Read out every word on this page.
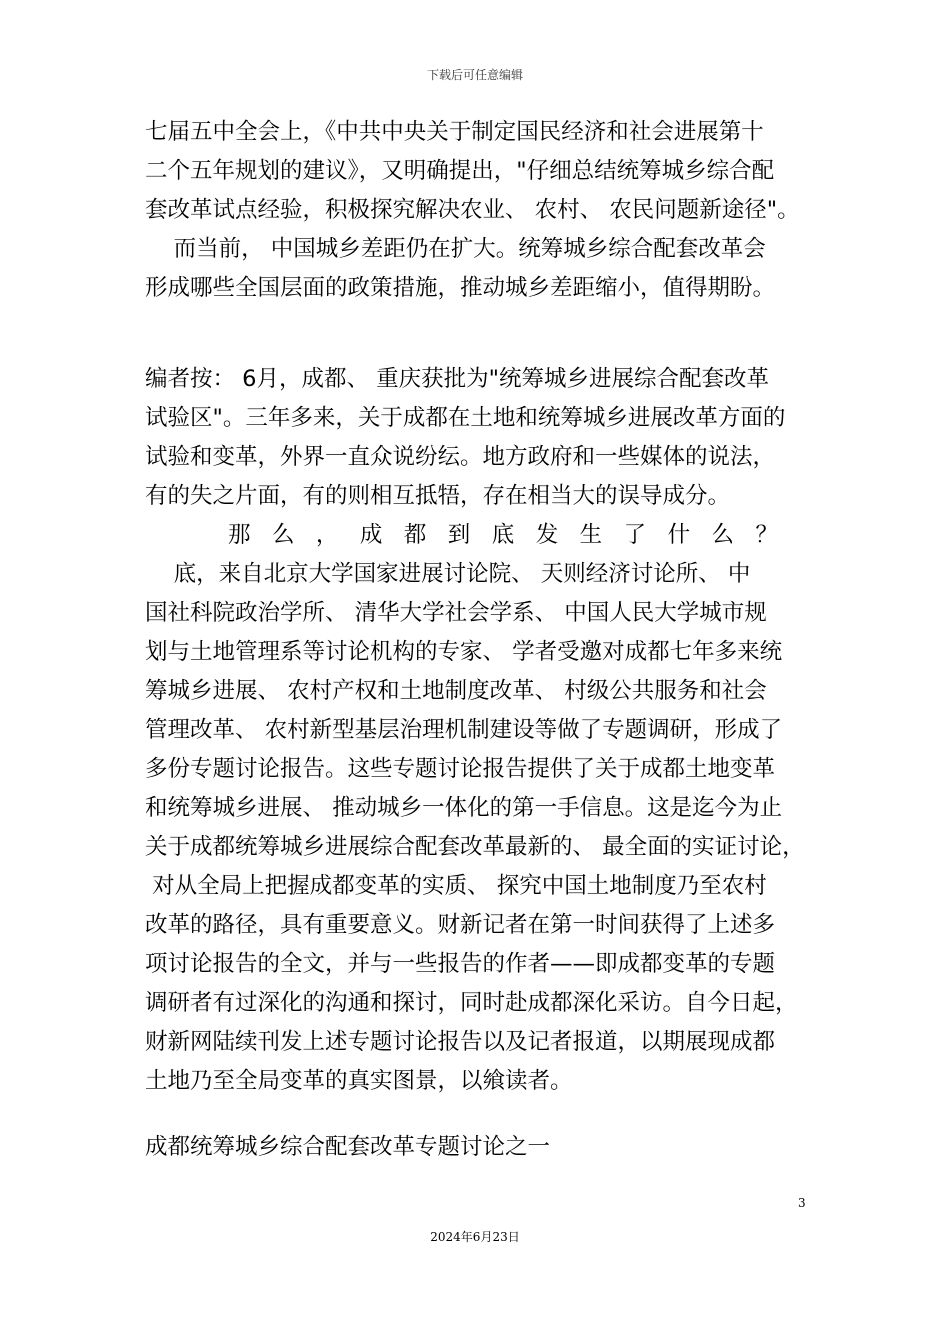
下载后可任意编辑
七届五中全会上，《中共中央关于制定国民经济和社会进展第十
二个五年规划的建议》，又明确提出，"仔细总结统筹城乡综合配
套改革试点经验，积极探究解决农业、 农村、 农民问题新途径"。
而当前， 中国城乡差距仍在扩大。统筹城乡综合配套改革会
形成哪些全国层面的政策措施，推动城乡差距缩小，值得期盼。
编者按： 6月，成都、 重庆获批为"统筹城乡进展综合配套改革
试验区"。三年多来，关于成都在土地和统筹城乡进展改革方面的
试验和变革，外界一直众说纷纭。地方政府和一些媒体的说法，
有的失之片面，有的则相互抵牾，存在相当大的误导成分。
那么，成都到底发生了什么？
底，来自北京大学国家进展讨论院、 天则经济讨论所、 中
国社科院政治学所、 清华大学社会学系、 中国人民大学城市规
划与土地管理系等讨论机构的专家、 学者受邀对成都七年多来统
筹城乡进展、 农村产权和土地制度改革、 村级公共服务和社会
管理改革、 农村新型基层治理机制建设等做了专题调研，形成了
多份专题讨论报告。这些专题讨论报告提供了关于成都土地变革
和统筹城乡进展、 推动城乡一体化的第一手信息。这是迄今为止
关于成都统筹城乡进展综合配套改革最新的、 最全面的实证讨论，
对从全局上把握成都变革的实质、 探究中国土地制度乃至农村
改革的路径，具有重要意义。财新记者在第一时间获得了上述多
项讨论报告的全文，并与一些报告的作者——即成都变革的专题
调研者有过深化的沟通和探讨，同时赴成都深化采访。自今日起，
财新网陆续刊发上述专题讨论报告以及记者报道，以期展现成都
土地乃至全局变革的真实图景，以飨读者。
成都统筹城乡综合配套改革专题讨论之一
3
2024年6月23日
